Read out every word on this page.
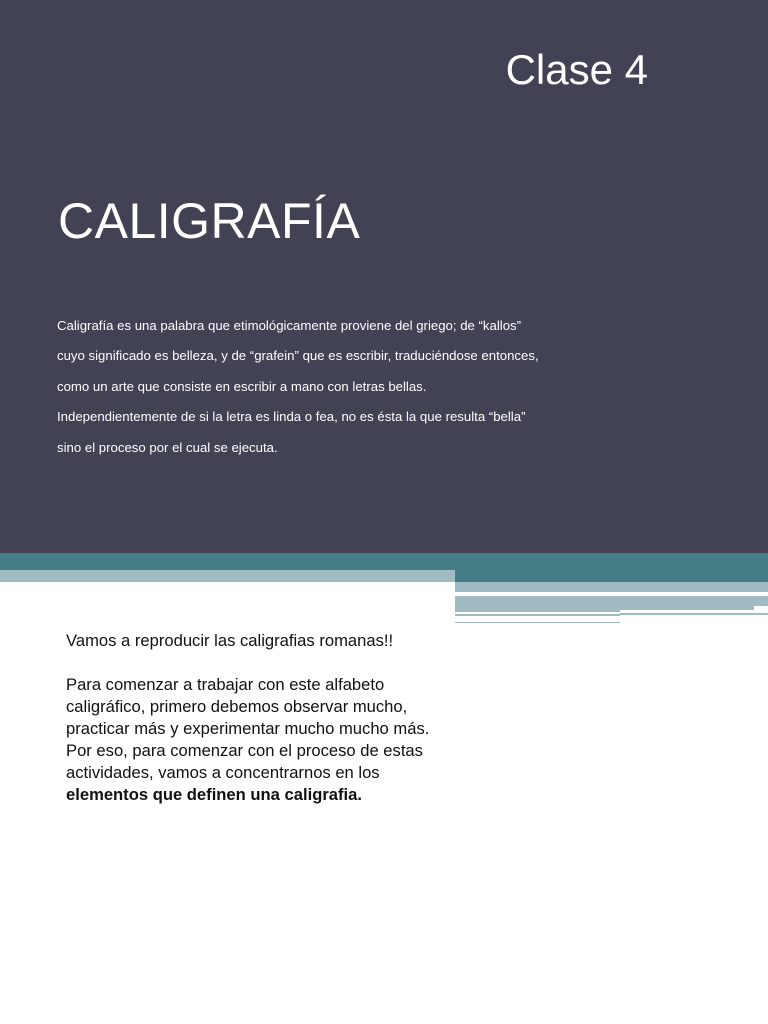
Clase 4
CALIGRAFÍA
Caligrafía es una palabra que etimológicamente proviene del griego; de “kallos” cuyo significado es belleza, y de “grafein” que es escribir, traduciéndose entonces, como un arte que consiste en escribir a mano con letras bellas. Independientemente de si la letra es linda o fea, no es ésta la que resulta “bella” sino el proceso por el cual se ejecuta.

Vamos a reproducir las caligrafias romanas!!

Para comenzar a trabajar con este alfabeto caligráfico, primero debemos observar mucho, practicar más y experimentar mucho mucho más.

Por eso, para comenzar con el proceso de estas actividades, vamos a concentrarnos en los elementos que definen una caligrafia.
